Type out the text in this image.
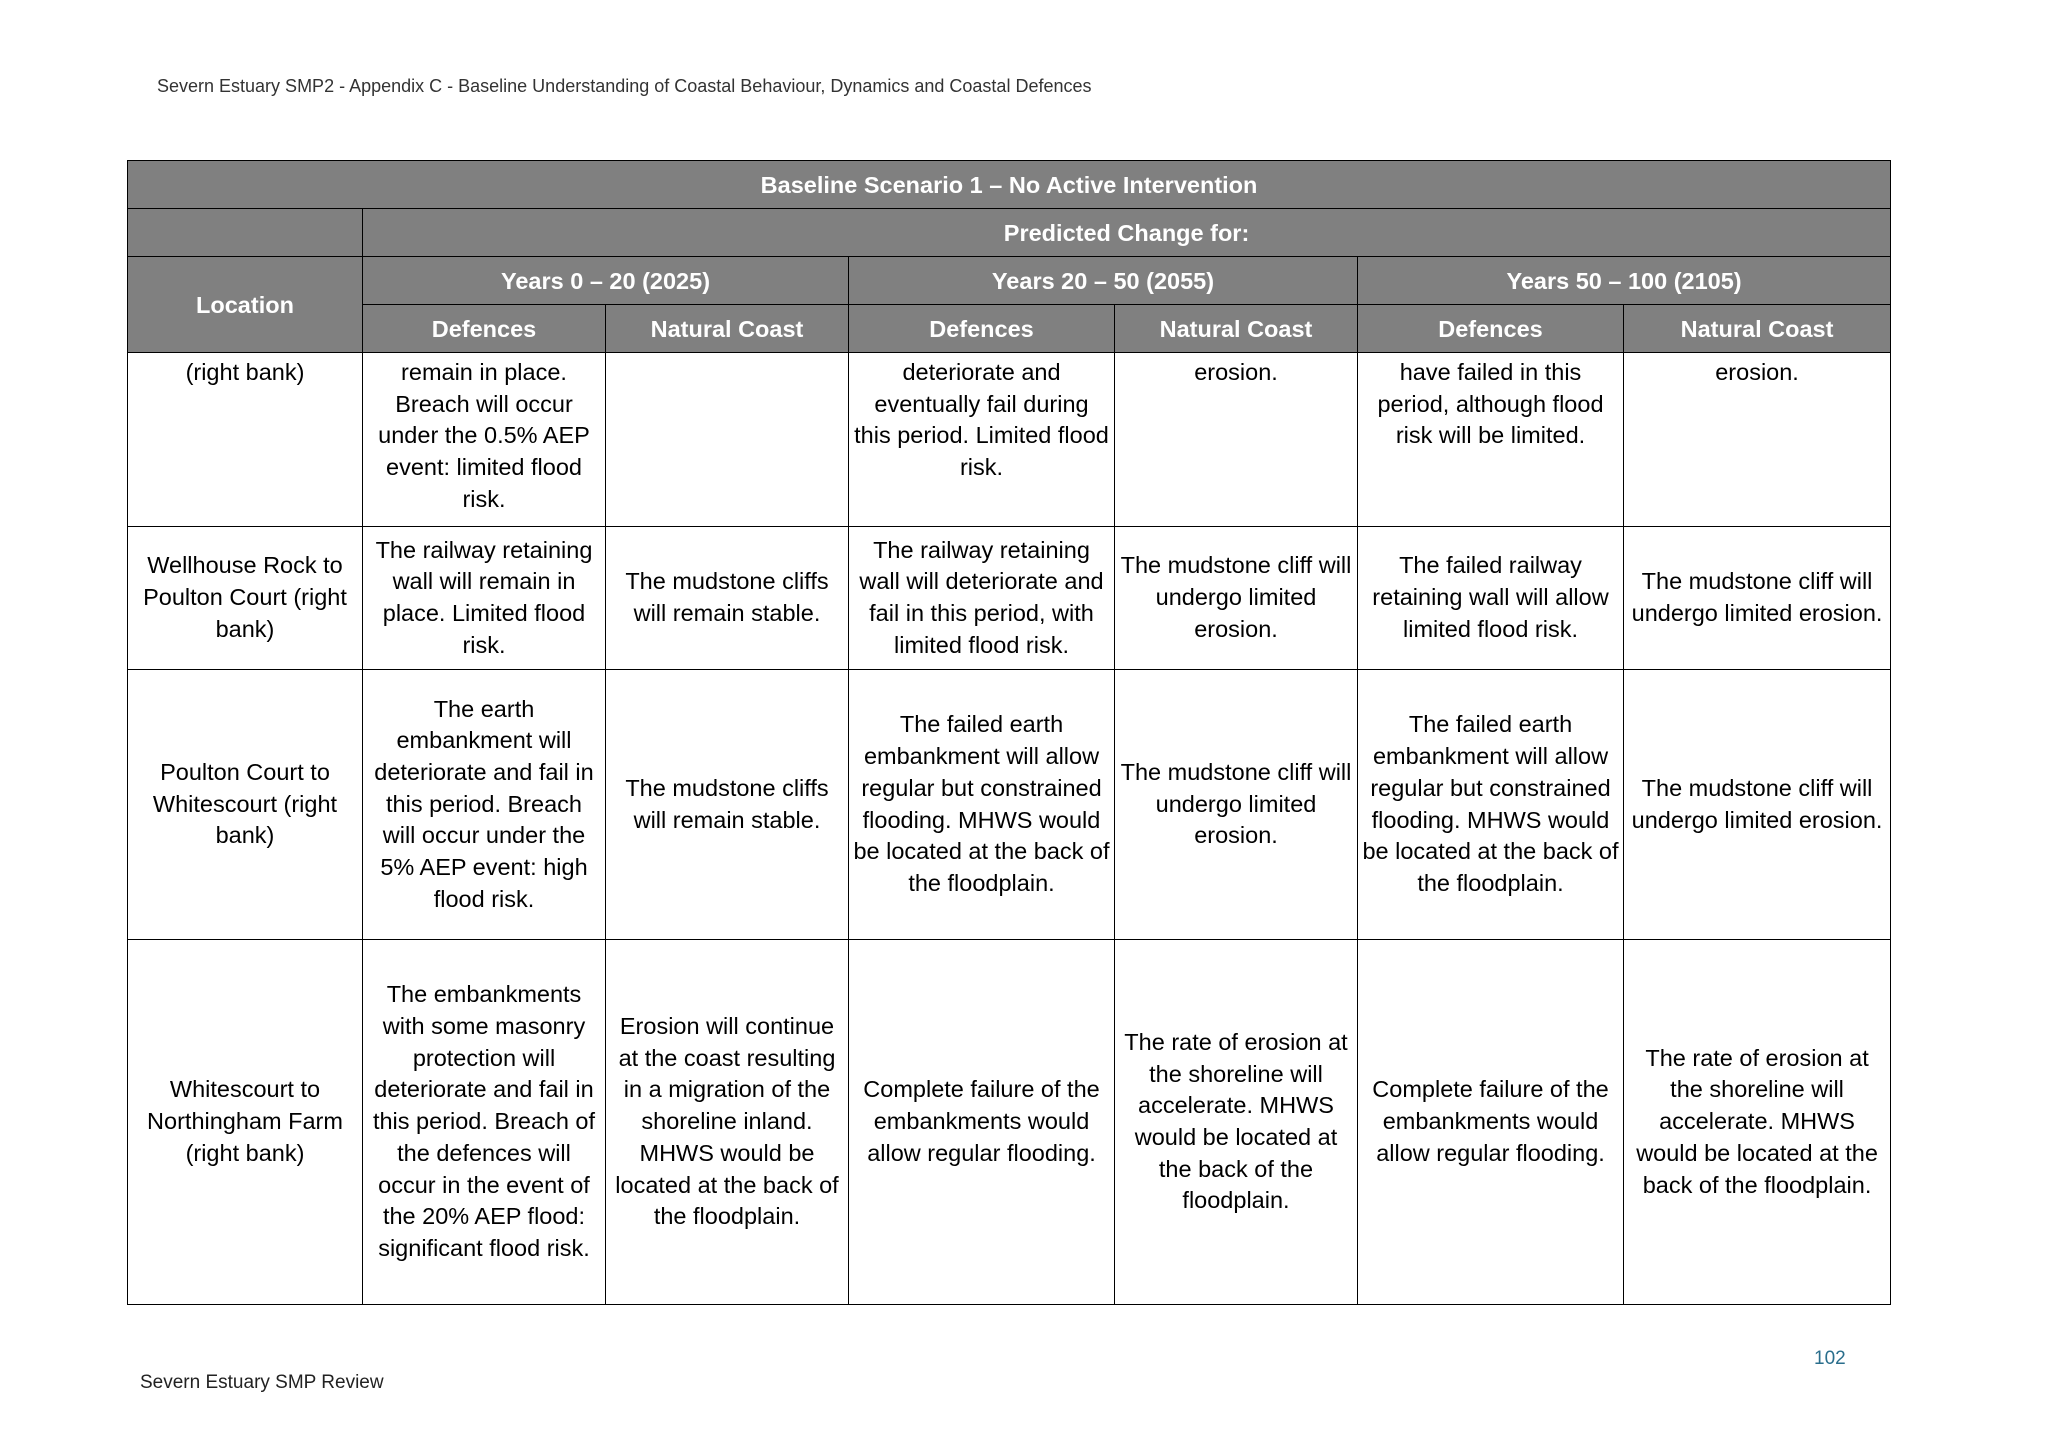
Severn Estuary SMP2 - Appendix C - Baseline Understanding of Coastal Behaviour, Dynamics and Coastal Defences
Baseline Scenario 1 – No Active Intervention						
	Predicted Change for:					
Location	Years 0 – 20 (2025)		Years 20 – 50 (2055)		Years 50 – 100 (2105)	
	Defences	Natural Coast	Defences	Natural Coast	Defences	Natural Coast
(right bank)	remain in place. Breach will occur under the 0.5% AEP event: limited flood risk.		deteriorate and eventually fail during this period. Limited flood risk.	erosion.	have failed in this period, although flood risk will be limited.	erosion.
Wellhouse Rock to Poulton Court (right bank)	The railway retaining wall will remain in place. Limited flood risk.	The mudstone cliffs will remain stable.	The railway retaining wall will deteriorate and fail in this period, with limited flood risk.	The mudstone cliff will undergo limited erosion.	The failed railway retaining wall will allow limited flood risk.	The mudstone cliff will undergo limited erosion.
Poulton Court to Whitescourt (right bank)	The earth embankment will deteriorate and fail in this period. Breach will occur under the 5% AEP event: high flood risk.	The mudstone cliffs will remain stable.	The failed earth embankment will allow regular but constrained flooding. MHWS would be located at the back of the floodplain.	The mudstone cliff will undergo limited erosion.	The failed earth embankment will allow regular but constrained flooding. MHWS would be located at the back of the floodplain.	The mudstone cliff will undergo limited erosion.
Whitescourt to Northingham Farm (right bank)	The embankments with some masonry protection will deteriorate and fail in this period. Breach of the defences will occur in the event of the 20% AEP flood: significant flood risk.	Erosion will continue at the coast resulting in a migration of the shoreline inland. MHWS would be located at the back of the floodplain.	Complete failure of the embankments would allow regular flooding.	The rate of erosion at the shoreline will accelerate. MHWS would be located at the back of the floodplain.	Complete failure of the embankments would allow regular flooding.	The rate of erosion at the shoreline will accelerate. MHWS would be located at the back of the floodplain.
102
Severn Estuary SMP Review
